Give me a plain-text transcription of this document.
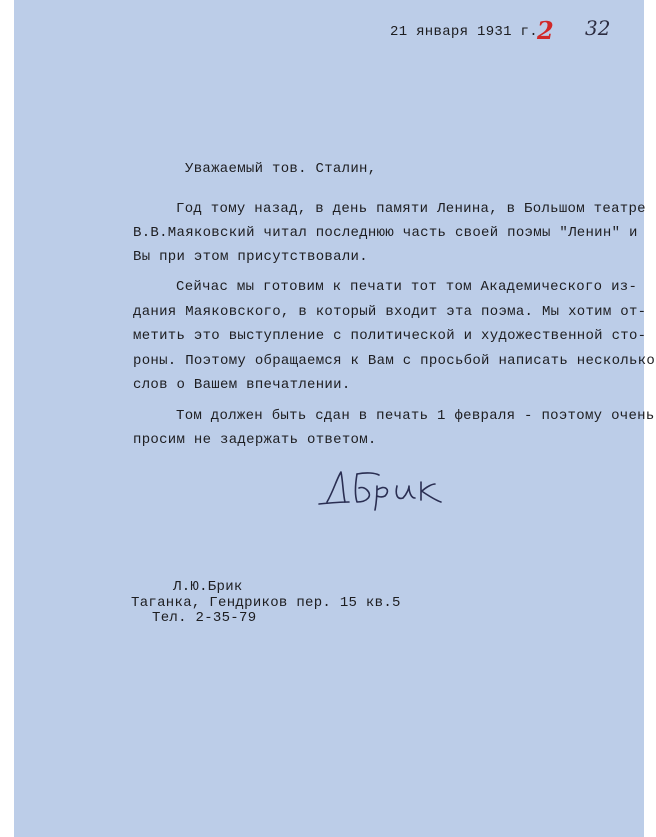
21 января 1931 г. 2 32
Уважаемый тов. Сталин,
Год тому назад, в день памяти Ленина, в Большом театре
В.В.Маяковский читал последнюю часть своей поэмы "Ленин" и
Вы при этом присутствовали.
Сейчас мы готовим к печати тот том Академического из-
дания Маяковского, в который входит эта поэма. Мы хотим от-
метить это выступление с политической и художественной сто-
роны. Поэтому обращаемся к Вам с просьбой написать несколько
слов о Вашем впечатлении.
Том должен быть сдан в печать 1 февраля - поэтому очень
просим не задержать ответом.
Л.Ю.Брик
Таганка, Гендриков пер. 15 кв.5
Тел. 2-35-79
